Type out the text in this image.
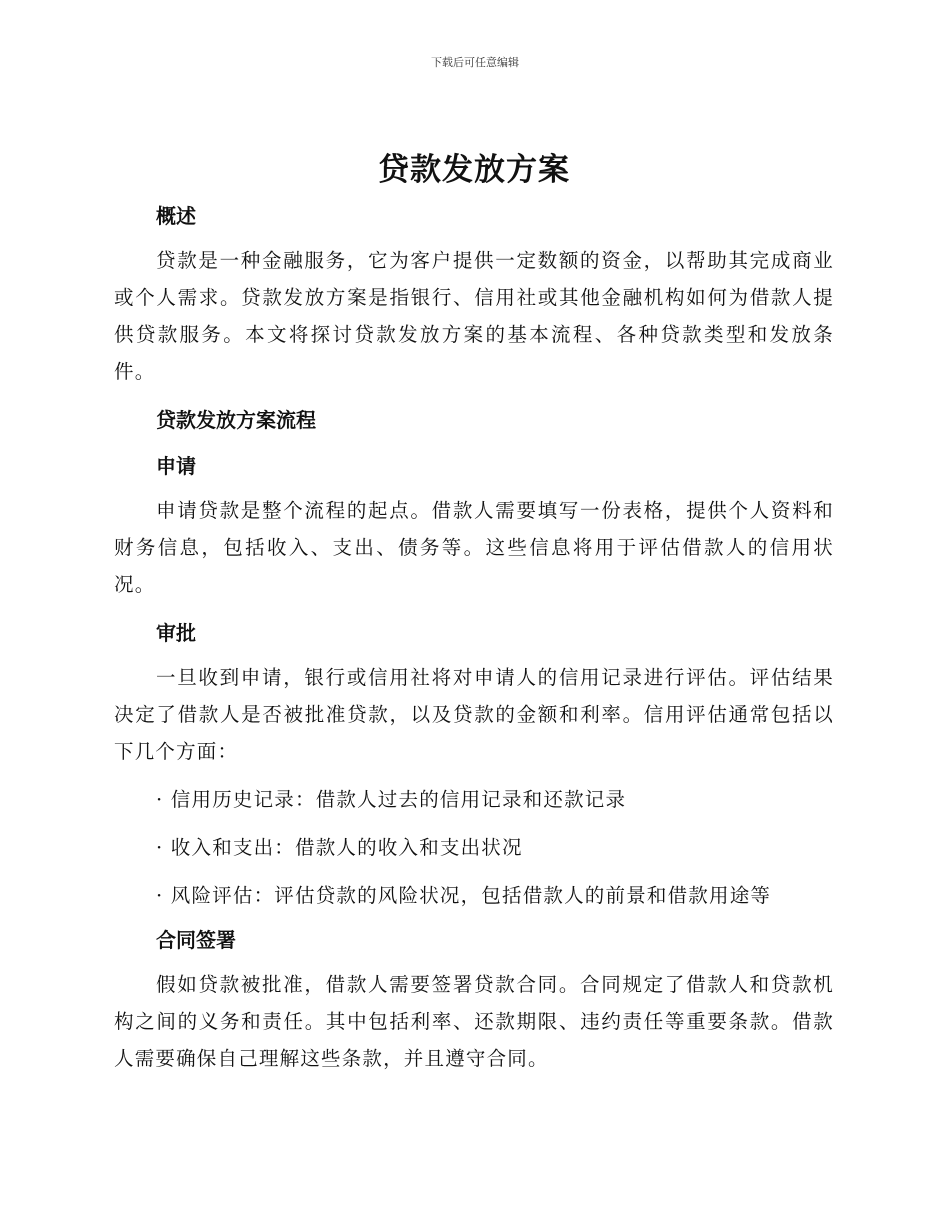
下载后可任意编辑
贷款发放方案
概述

贷款是一种金融服务，它为客户提供一定数额的资金，以帮助其完成商业或个人需求。贷款发放方案是指银行、信用社或其他金融机构如何为借款人提供贷款服务。本文将探讨贷款发放方案的基本流程、各种贷款类型和发放条件。

贷款发放方案流程
申请

申请贷款是整个流程的起点。借款人需要填写一份表格，提供个人资料和财务信息，包括收入、支出、债务等。这些信息将用于评估借款人的信用状况。

审批

一旦收到申请，银行或信用社将对申请人的信用记录进行评估。评估结果决定了借款人是否被批准贷款，以及贷款的金额和利率。信用评估通常包括以下几个方面：

· 信用历史记录：借款人过去的信用记录和还款记录

· 收入和支出：借款人的收入和支出状况

· 风险评估：评估贷款的风险状况，包括借款人的前景和借款用途等

合同签署

假如贷款被批准，借款人需要签署贷款合同。合同规定了借款人和贷款机构之间的义务和责任。其中包括利率、还款期限、违约责任等重要条款。借款人需要确保自己理解这些条款，并且遵守合同。
